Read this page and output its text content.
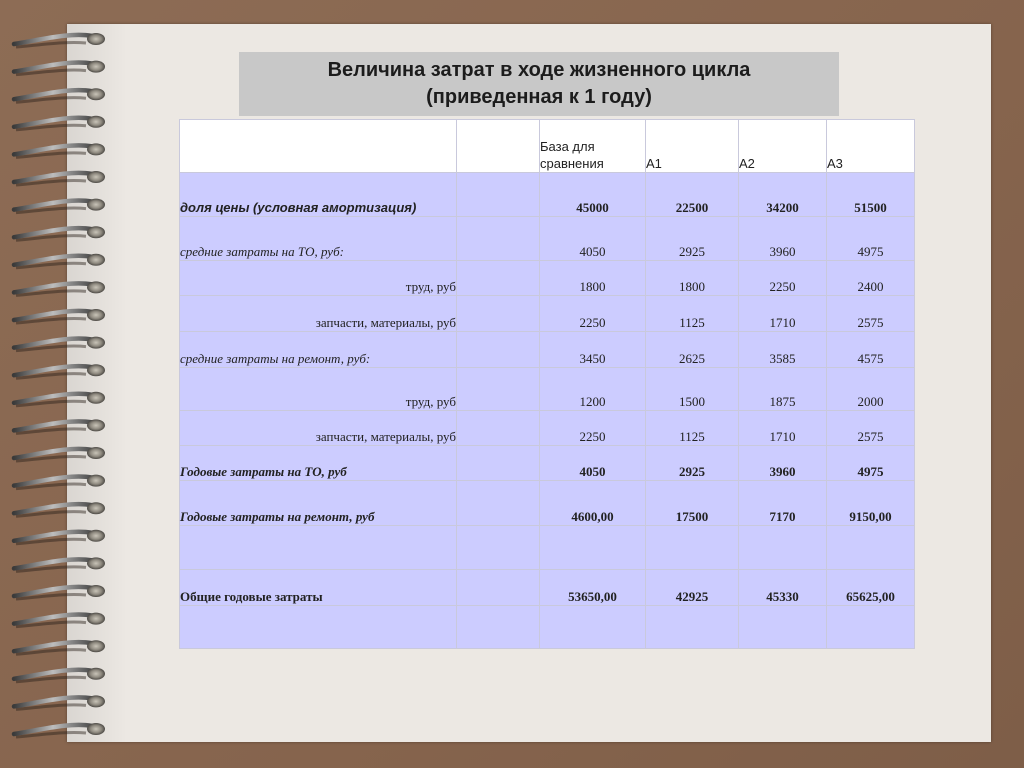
Величина затрат в ходе жизненного цикла
(приведенная к 1 году)
		База для сравнения	А1	А2	А3
доля цены (условная амортизация)		45000	22500	34200	51500
средние затраты на ТО, руб:		4050	2925	3960	4975
труд, руб		1800	1800	2250	2400
запчасти, материалы, руб		2250	1125	1710	2575
средние затраты на ремонт, руб:		3450	2625	3585	4575
труд, руб		1200	1500	1875	2000
запчасти, материалы, руб		2250	1125	1710	2575
Годовые затраты на ТО, руб		4050	2925	3960	4975
Годовые затраты на ремонт, руб		4600,00	17500	7170	9150,00

Общие годовые затраты		53650,00	42925	45330	65625,00
